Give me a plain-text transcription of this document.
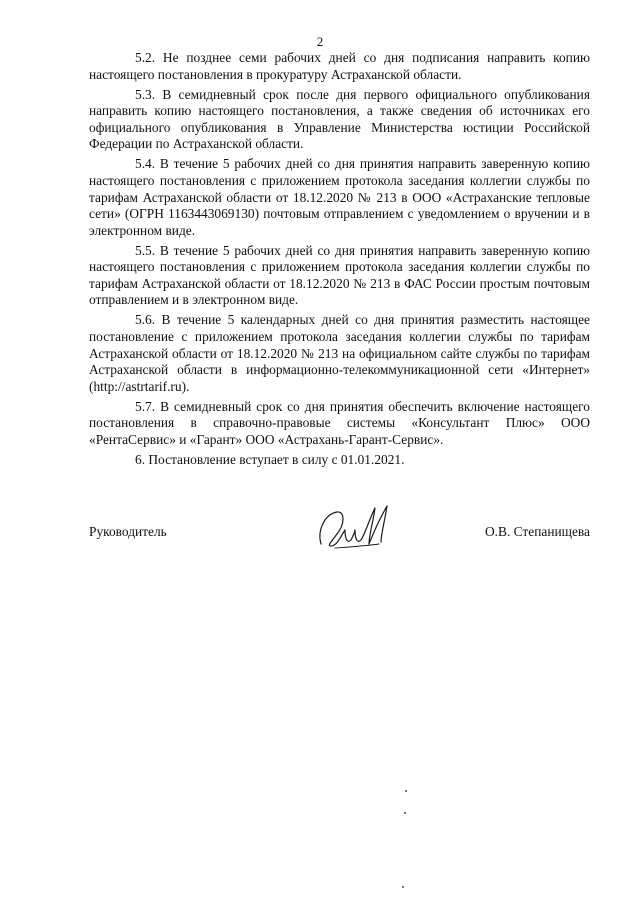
2

5.2. Не позднее семи рабочих дней со дня подписания направить копию настоящего постановления в прокуратуру Астраханской области.

5.3. В семидневный срок после дня первого официального опубликования направить копию настоящего постановления, а также сведения об источниках его официального опубликования в Управление Министерства юстиции Российской Федерации по Астраханской области.

5.4. В течение 5 рабочих дней со дня принятия направить заверенную копию настоящего постановления с приложением протокола заседания коллегии службы по тарифам Астраханской области от 18.12.2020 № 213 в ООО «Астраханские тепловые сети» (ОГРН 1163443069130) почтовым отправлением с уведомлением о вручении и в электронном виде.

5.5. В течение 5 рабочих дней со дня принятия направить заверенную копию настоящего постановления с приложением протокола заседания коллегии службы по тарифам Астраханской области от 18.12.2020 № 213 в ФАС России простым почтовым отправлением и в электронном виде.

5.6. В течение 5 календарных дней со дня принятия разместить настоящее постановление с приложением протокола заседания коллегии службы по тарифам Астраханской области от 18.12.2020 № 213 на официальном сайте службы по тарифам Астраханской области в информационно-телекоммуникационной сети «Интернет» (http://astrtarif.ru).

5.7. В семидневный срок со дня принятия обеспечить включение настоящего постановления в справочно-правовые системы «Консультант Плюс» ООО «РентаСервис» и «Гарант» ООО «Астрахань-Гарант-Сервис».

6. Постановление вступает в силу с 01.01.2021.

Руководитель	О.В. Степанищева
